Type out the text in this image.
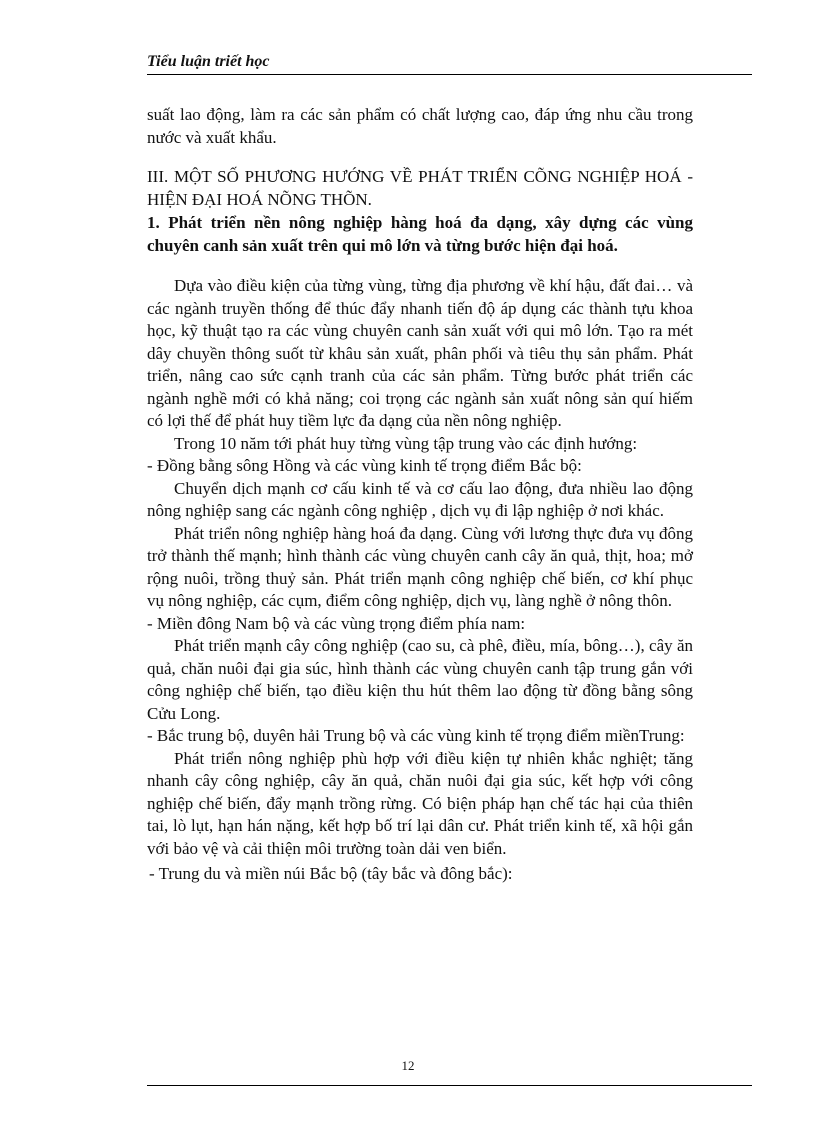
Tiểu luận triết học

suất lao động, làm ra các sản phẩm có chất lượng cao, đáp ứng nhu cầu trong nước và xuất khẩu.

III. MỘT SỐ PHƯƠNG HƯỚNG VỀ PHÁT TRIỂN CÕNG NGHIỆP HOÁ - HIỆN ĐẠI HOÁ NÕNG THÕN.

1. Phát triển nền nông nghiệp hàng hoá đa dạng, xây dựng các vùng chuyên canh sản xuất trên qui mô lớn và từng bước hiện đại hoá.

Dựa vào điều kiện của từng vùng, từng địa phương về khí hậu, đất đai… và các ngành truyền thống để thúc đẩy nhanh tiến độ áp dụng các thành tựu khoa học, kỹ thuật tạo ra các vùng chuyên canh sản xuất với qui mô lớn. Tạo ra mét dây chuyền thông suốt từ khâu sản xuất, phân phối và tiêu thụ sản phẩm. Phát triển, nâng cao sức cạnh tranh của các sản phẩm. Từng bước phát triển các ngành nghề mới có khả năng; coi trọng các ngành sản xuất nông sản quí hiếm có lợi thế để phát huy tiềm lực đa dạng của nền nông nghiệp.

Trong 10 năm tới phát huy từng vùng tập trung vào các định hướng:

- Đồng bằng sông Hồng và các vùng kinh tế trọng điểm Bắc bộ:

Chuyển dịch mạnh cơ cấu kinh tế và cơ cấu lao động, đưa nhiều lao động nông nghiệp sang các ngành công nghiệp , dịch vụ đi lập nghiệp ở nơi khác.

Phát triển nông nghiệp hàng hoá đa dạng. Cùng với lương thực đưa vụ đông trở thành thế mạnh; hình thành các vùng chuyên canh cây ăn quả, thịt, hoa; mở rộng nuôi, trồng thuỷ sản. Phát triển mạnh công nghiệp chế biến, cơ khí phục vụ nông nghiệp, các cụm, điểm công nghiệp, dịch vụ, làng nghề ở nông thôn.

- Miền đông Nam bộ và các vùng trọng điểm phía nam:

Phát triển mạnh cây công nghiệp (cao su, cà phê, điều, mía, bông…), cây ăn quả, chăn nuôi đại gia súc, hình thành các vùng chuyên canh tập trung gắn với công nghiệp chế biến, tạo điều kiện thu hút thêm lao động từ đồng bằng sông Cửu Long.

- Bắc trung bộ, duyên hải Trung bộ và các vùng kinh tế trọng điểm miềnTrung:

Phát triển nông nghiệp phù hợp với điều kiện tự nhiên khắc nghiệt; tăng nhanh cây công nghiệp, cây ăn quả, chăn nuôi đại gia súc, kết hợp với công nghiệp chế biến, đẩy mạnh trồng rừng. Có biện pháp hạn chế tác hại của thiên tai, lò lụt, hạn hán nặng, kết hợp bố trí lại dân cư. Phát triển kinh tế, xã hội gắn với bảo vệ và cải thiện môi trường toàn dải ven biển.

- Trung du và miền núi Bắc bộ (tây bắc và đông bắc):

12
